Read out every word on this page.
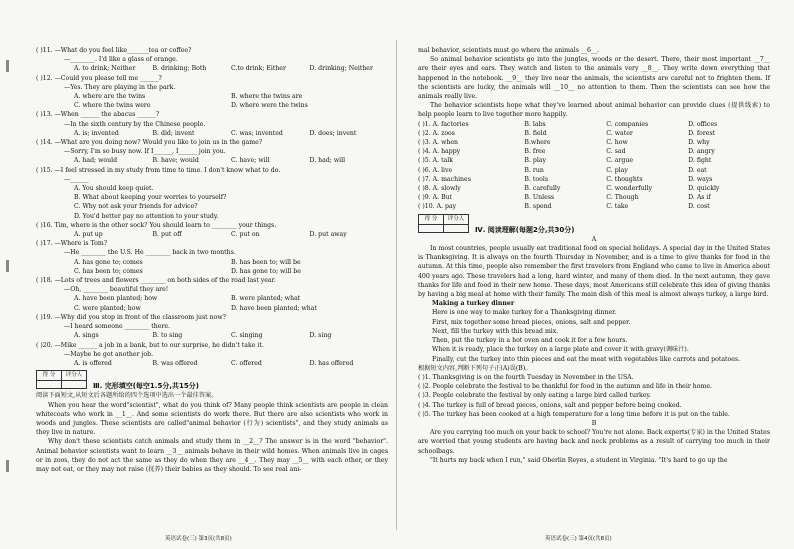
( )11. —What do you feel like_______tea or coffee?
—________. I'd like a glass of orange.
A. to drink; Neither	B. drinking; Both	C.to drink; Either	D. drinking; Neither
( )12. —Could you please tell me ______?
—Yes. They are playing in the park.
A. where are the twins	B. where the twins are
C. where the twins were	D. where were the twins
( )13. —When ______ the abacus ______?
—In the sixth century by the Chinese people.
A. is; invented	B. did; invent	C. was; invented	D. does; invent
( )14. —What are you doing now? Would you like to join us in the game?
—Sorry, I'm so busy now. If I______, I______ join you.
A. had; would	B. have; would	C. have; will	D. had; will
( )15. —I feel stressed in my study from time to time. I don't know what to do.
—______
A. You should keep quiet.
B. What about keeping your worries to yourself?
C. Why not ask your friends for advice?
D. You'd better pay no attention to your study.
( )16. Tim, where is the other sock? You should learn to ________ your things.
A. put up	B. put off	C. put on	D. put away
( )17. —Where is Tom?
—He ________ the U.S. He ________ back in two months.
A. has gone to; comes	B. has been to; will be
C. has been to; comes	D. has gone to; will be
( )18. —Lots of trees and flowers ________ on both sides of the road last year.
—Oh, ________ beautiful they are!
A. have been planted; how	B. were planted; what
C. were planted; how	D. have been planted; what
( )19. —Why did you stop in front of the classroom just now?
—I heard someone ________ there.
A. sings	B. to sing	C. singing	D. sing
( )20. —Mike ______ a job in a bank, but to our surprise, he didn't take it.
—Maybe he got another job.
A. is offered	B. was offered	C. offered	D. has offered
得 分	评分人

Ⅲ. 完形填空(每空1.5分,共15分)
阅读下面短文,从短文后各题所给的四个选项中选出一个最佳答案。
When you hear the word"scientist", what do you think of? Many people think scientists are people in clean whitecoats who work in __1__. And some scientists do work there. But there are also scientists who work in woods and jungles. These scientists are called"animal behavior (行为) scientists", and they study animals as they live in nature.
Why don't these scientists catch animals and study them in __2__? The answer is in the word "behavior". Animal behavior scientists want to learn __3__ animals behave in their wild homes. When animals live in cages or in zoos, they do not act the same as they do when they are __4__. They may __5__ with each other, or they may not eat, or they may not raise (抚养) their babies as they should. To see real ani-
mal behavior, scientists must go where the animals __6__.
So animal behavior scientists go into the jungles, woods or the desert. There, their most important __7__ are their eyes and ears. They watch and listen to the animals very __8__. They write down everything that happened in the notebook. __9__ they live near the animals, the scientists are careful not to frighten them. If the scientists are lucky, the animals will __10__ no attention to them. Then the scientists can see how the animals really live.
The behavior scientists hope what they've learned about animal behavior can provide clues (提供线索) to help people learn to live together more happily.
( )1. A. factories	B. labs	C. companies	D. offices
( )2. A. zoos	B. field	C. water	D. forest
( )3. A. when	B.where	C. how	D. why
( )4. A. happy	B. free	C. sad	D. angry
( )5. A. talk	B. play	C. argue	D. fight
( )6. A. live	B. run	C. play	D. eat
( )7. A. machines	B. tools	C. thoughts	D. ways
( )8. A. slowly	B. carefully	C. wonderfully	D. quickly
( )9. A. But	B. Unless	C. Though	D. As if
( )10. A. pay	B. spend	C. take	D. cost
得 分	评分人

Ⅳ. 阅读理解(每题2分,共30分)
A
In most countries, people usually eat traditional food on special holidays. A special day in the United States is Thanksgiving. It is always on the fourth Thursday in November, and is a time to give thanks for food in the autumn. At this time, people also remember the first travelers from England who came to live in America about 400 years ago. These travelers had a long, hard winter, and many of them died. In the next autumn, they gave thanks for life and food in their new home. These days, most Americans still celebrate this idea of giving thanks by having a big meal at home with their family. The main dish of this meal is almost always turkey, a large bird.
Making a turkey dinner
Here is one way to make turkey for a Thanksgiving dinner.
First, mix together some bread pieces, onions, salt and pepper.
Next, fill the turkey with this bread mix.
Then, put the turkey in a hot oven and cook it for a few hours.
When it is ready, place the turkey on a large plate and cover it with gravy(调味汁).
Finally, cut the turkey into thin pieces and eat the meat with vegetables like carrots and potatoes.
根据短文内容,判断下列句子正(A)误(B)。
( )1. Thanksgiving is on the fourth Tuesday in November in the USA.
( )2. People celebrate the festival to be thankful for food in the autumn and life in their home.
( )3. People celebrate the festival by only eating a large bird called turkey.
( )4. The turkey is full of bread pieces, onions, salt and pepper before being cooked.
( )5. The turkey has been cooked at a high temperature for a long time before it is put on the table.
B
Are you carrying too much on your back to school? You're not alone. Back experts(专家) in the United States are worried that young students are having back and neck problems as a result of carrying too much in their schoolbags.
"It hurts my back when I run," said Oberlin Reyes, a student in Virginia. "It's hard to go up the
英语试卷(三) 第3页(共8页)	英语试卷(三) 第4页(共8页)
